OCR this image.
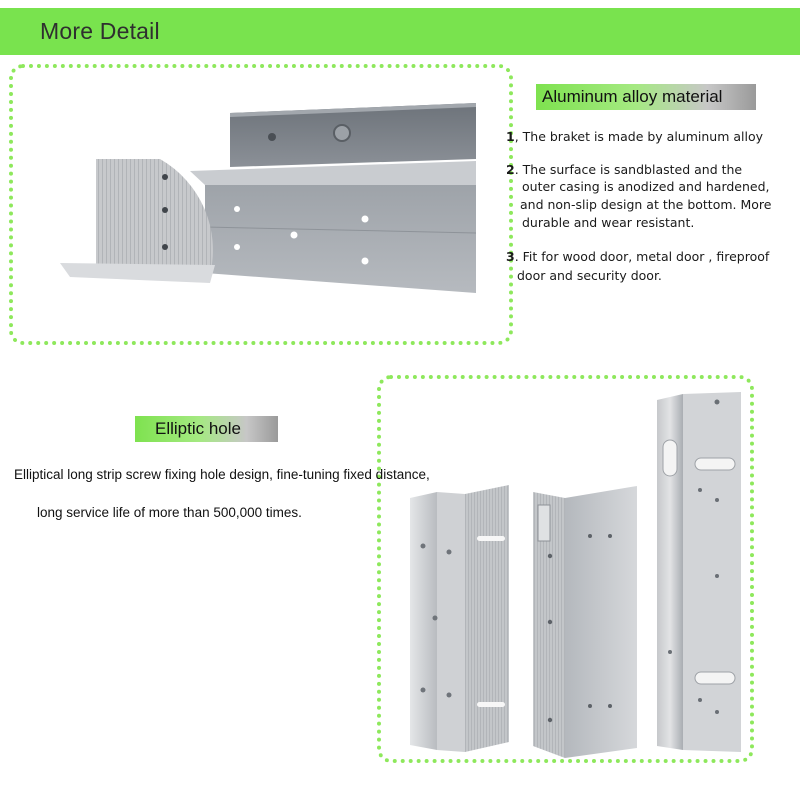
More Detail
Aluminum alloy material
1, The braket is made by aluminum alloy
2. The surface is sandblasted and the
outer casing is anodized and hardened,
and non-slip design at the bottom. More
durable and wear resistant.
3. Fit for wood door, metal door , fireproof
door and security door.
Elliptic hole
Elliptical long strip screw fixing hole design, fine-tuning fixed distance,
long service life of more than 500,000 times.
